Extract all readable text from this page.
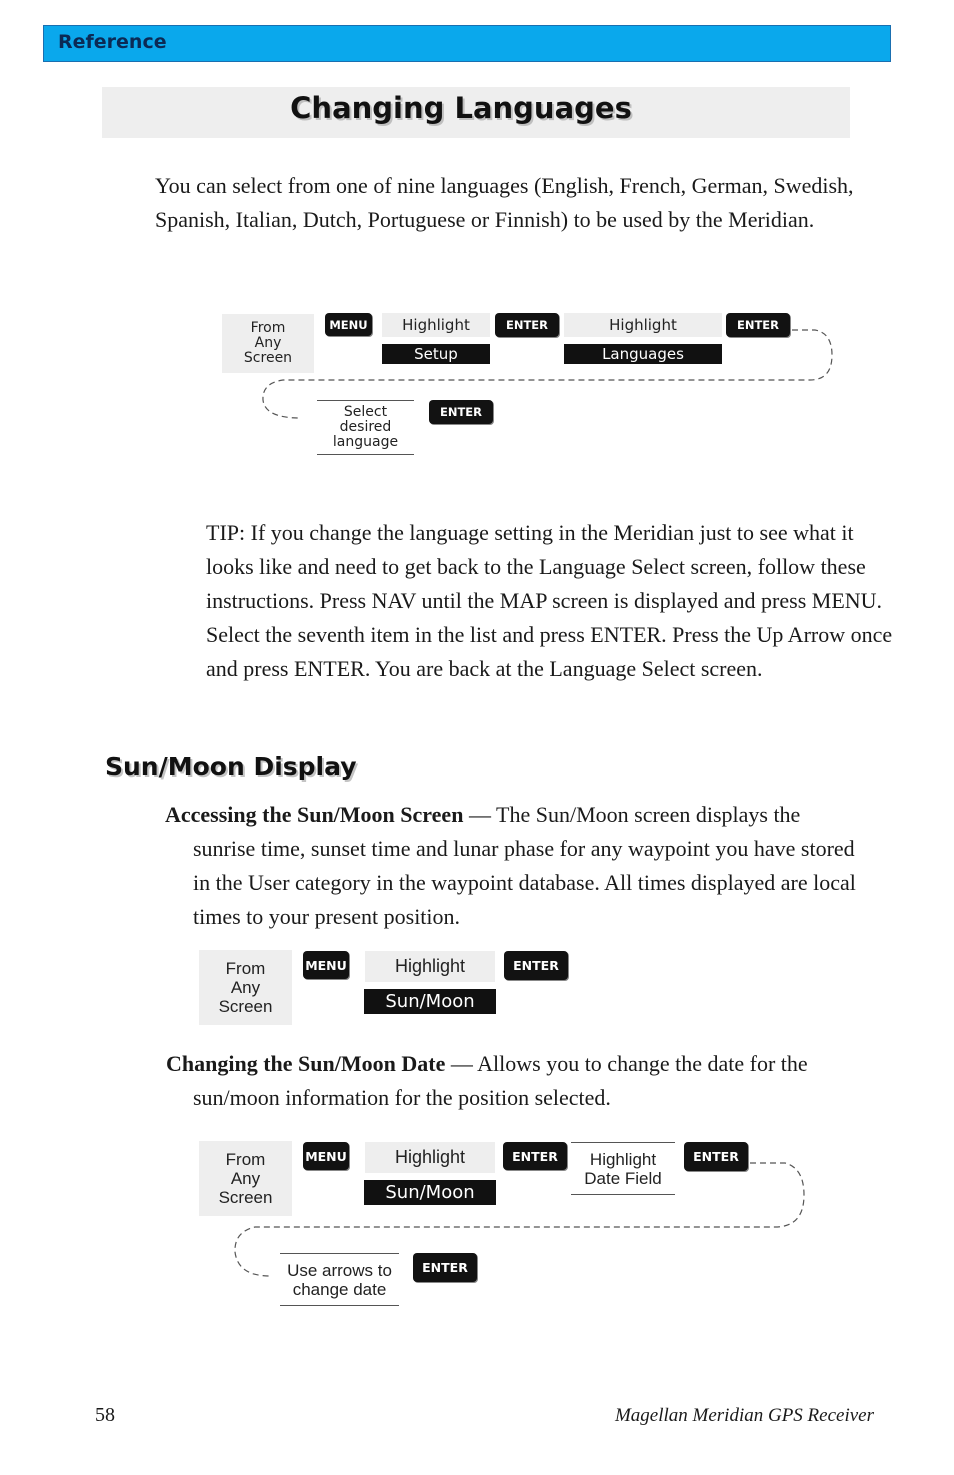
Reference
Changing Languages
You can select from one of nine languages (English, French, German, Swedish, Spanish, Italian, Dutch, Portuguese or Finnish) to be used by the Meridian.
From
Any
Screen
MENU	Highlight
Setup
ENTER	Highlight
Languages
ENTER
Select
desired
language
ENTER
TIP: If you change the language setting in the Meridian just to see what it looks like and need to get back to the Language Select screen, follow these instructions. Press NAV until the MAP screen is displayed and press MENU. Select the seventh item in the list and press ENTER. Press the Up Arrow once and press ENTER. You are back at the Language Select screen.
Sun/Moon Display
Accessing the Sun/Moon Screen — The Sun/Moon screen displays the
sunrise time, sunset time and lunar phase for any waypoint you have stored in the User category in the waypoint database. All times displayed are local times to your present position.
From
Any
Screen
MENU	Highlight
Sun/Moon
ENTER
Changing the Sun/Moon Date — Allows you to change the date for the
sun/moon information for the position selected.
From
Any
Screen
MENU	Highlight
Sun/Moon
ENTER	Highlight
Date Field
ENTER
Use arrows to
change date
ENTER
58	Magellan Meridian GPS Receiver
